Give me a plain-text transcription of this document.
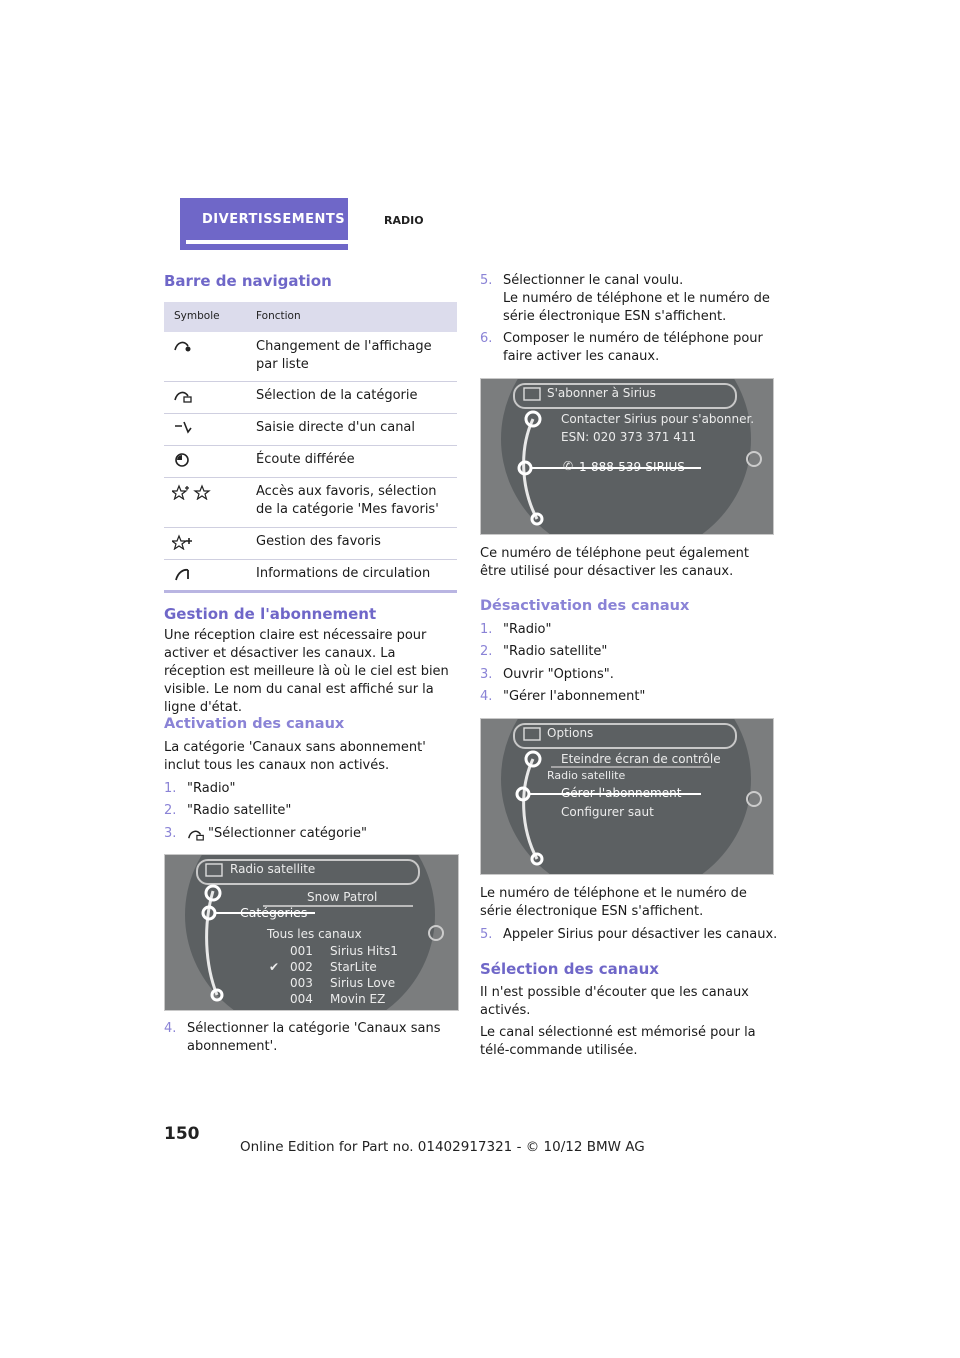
DIVERTISSEMENTS	RADIO
Barre de navigation
Symbole	Fonction
Changement de l'affichage par liste
Sélection de la catégorie
Saisie directe d'un canal
Écoute différée
Accès aux favoris, sélection de la catégorie 'Mes favoris'
Gestion des favoris
Informations de circulation
Gestion de l'abonnement
Une réception claire est nécessaire pour activer et désactiver les canaux. La réception est meilleure là où le ciel est bien visible. Le nom du canal est affiché sur la ligne d'état.
Activation des canaux
La catégorie 'Canaux sans abonnement' inclut tous les canaux non activés.
1. "Radio"
2. "Radio satellite"
3. "Sélectionner catégorie"
Radio satellite
Catégories
Snow Patrol
Tous les canaux
001 Sirius Hits1
✔ 002 StarLite
003 Sirius Love
004 Movin EZ
4. Sélectionner la catégorie 'Canaux sans abonnement'.
150
5. Sélectionner le canal voulu.
Le numéro de téléphone et le numéro de série électronique ESN s'affichent.
6. Composer le numéro de téléphone pour faire activer les canaux.
S'abonner à Sirius
Contacter Sirius pour s'abonner.
ESN: 020 373 371 411
✆ 1-888-539-SIRIUS
Ce numéro de téléphone peut également être utilisé pour désactiver les canaux.
Désactivation des canaux
1. "Radio"
2. "Radio satellite"
3. Ouvrir "Options".
4. "Gérer l'abonnement"
Options
Eteindre écran de contrôle
Radio satellite
Gérer l'abonnement
Configurer saut
Le numéro de téléphone et le numéro de série électronique ESN s'affichent.
5. Appeler Sirius pour désactiver les canaux.
Sélection des canaux
Il n'est possible d'écouter que les canaux activés.
Le canal sélectionné est mémorisé pour la télé-commande utilisée.
Online Edition for Part no. 01402917321 - © 10/12 BMW AG
